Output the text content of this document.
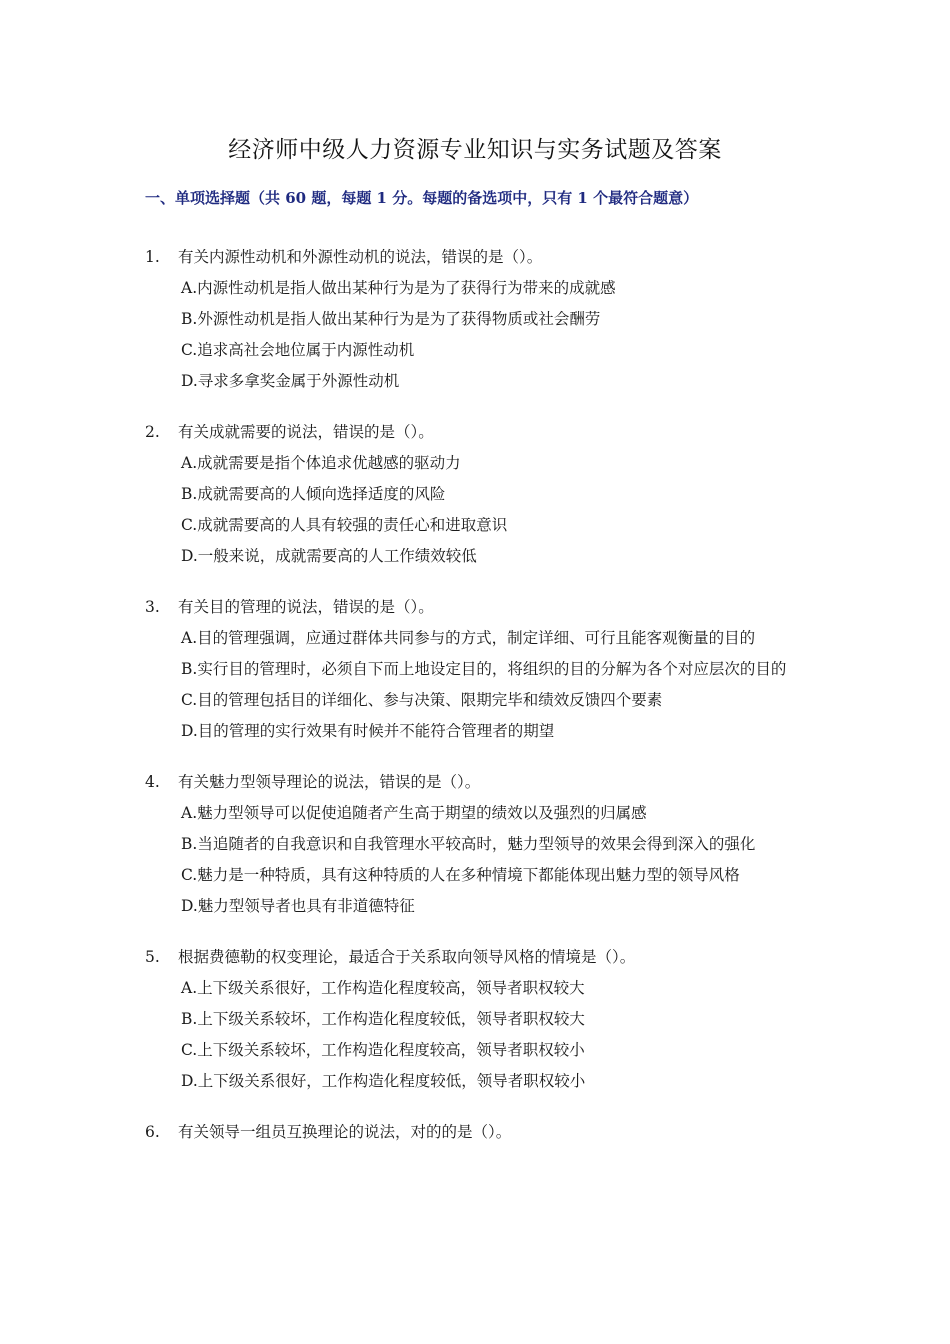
经济师中级人力资源专业知识与实务试题及答案
一、单项选择题（共 60 题，每题 1 分。每题的备选项中，只有 1 个最符合题意）
1. 有关内源性动机和外源性动机的说法，错误的是（）。
A.内源性动机是指人做出某种行为是为了获得行为带来的成就感
B.外源性动机是指人做出某种行为是为了获得物质或社会酬劳
C.追求高社会地位属于内源性动机
D.寻求多拿奖金属于外源性动机
2. 有关成就需要的说法，错误的是（）。
A.成就需要是指个体追求优越感的驱动力
B.成就需要高的人倾向选择适度的风险
C.成就需要高的人具有较强的责任心和进取意识
D.一般来说，成就需要高的人工作绩效较低
3. 有关目的管理的说法，错误的是（）。
A.目的管理强调，应通过群体共同参与的方式，制定详细、可行且能客观衡量的目的
B.实行目的管理时，必须自下而上地设定目的，将组织的目的分解为各个对应层次的目的
C.目的管理包括目的详细化、参与决策、限期完毕和绩效反馈四个要素
D.目的管理的实行效果有时候并不能符合管理者的期望
4. 有关魅力型领导理论的说法，错误的是（）。
A.魅力型领导可以促使追随者产生高于期望的绩效以及强烈的归属感
B.当追随者的自我意识和自我管理水平较高时，魅力型领导的效果会得到深入的强化
C.魅力是一种特质，具有这种特质的人在多种情境下都能体现出魅力型的领导风格
D.魅力型领导者也具有非道德特征
5. 根据费德勒的权变理论，最适合于关系取向领导风格的情境是（）。
A.上下级关系很好，工作构造化程度较高，领导者职权较大
B.上下级关系较坏，工作构造化程度较低，领导者职权较大
C.上下级关系较坏，工作构造化程度较高，领导者职权较小
D.上下级关系很好，工作构造化程度较低，领导者职权较小
6. 有关领导一组员互换理论的说法，对的的是（）。
